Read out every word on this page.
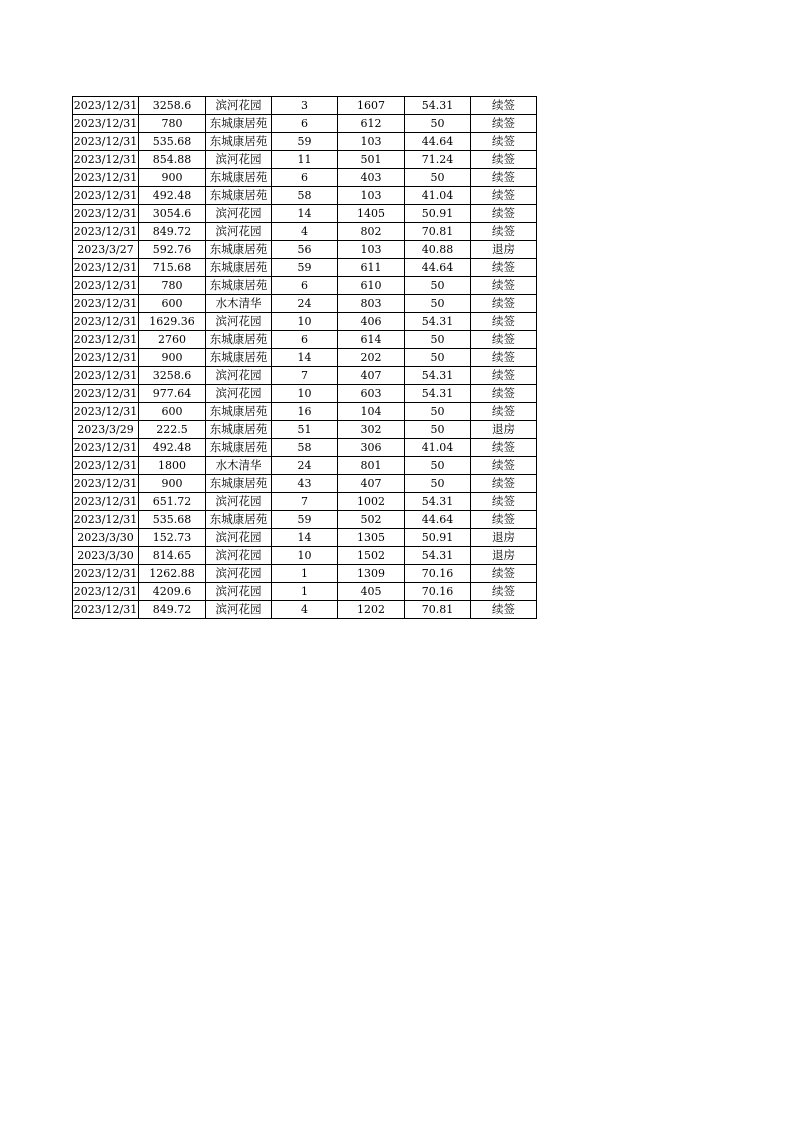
2023/12/31	3258.6	滨河花园	3	1607	54.31	续签
2023/12/31	780	东城康居苑	6	612	50	续签
2023/12/31	535.68	东城康居苑	59	103	44.64	续签
2023/12/31	854.88	滨河花园	11	501	71.24	续签
2023/12/31	900	东城康居苑	6	403	50	续签
2023/12/31	492.48	东城康居苑	58	103	41.04	续签
2023/12/31	3054.6	滨河花园	14	1405	50.91	续签
2023/12/31	849.72	滨河花园	4	802	70.81	续签
2023/3/27	592.76	东城康居苑	56	103	40.88	退房
2023/12/31	715.68	东城康居苑	59	611	44.64	续签
2023/12/31	780	东城康居苑	6	610	50	续签
2023/12/31	600	水木清华	24	803	50	续签
2023/12/31	1629.36	滨河花园	10	406	54.31	续签
2023/12/31	2760	东城康居苑	6	614	50	续签
2023/12/31	900	东城康居苑	14	202	50	续签
2023/12/31	3258.6	滨河花园	7	407	54.31	续签
2023/12/31	977.64	滨河花园	10	603	54.31	续签
2023/12/31	600	东城康居苑	16	104	50	续签
2023/3/29	222.5	东城康居苑	51	302	50	退房
2023/12/31	492.48	东城康居苑	58	306	41.04	续签
2023/12/31	1800	水木清华	24	801	50	续签
2023/12/31	900	东城康居苑	43	407	50	续签
2023/12/31	651.72	滨河花园	7	1002	54.31	续签
2023/12/31	535.68	东城康居苑	59	502	44.64	续签
2023/3/30	152.73	滨河花园	14	1305	50.91	退房
2023/3/30	814.65	滨河花园	10	1502	54.31	退房
2023/12/31	1262.88	滨河花园	1	1309	70.16	续签
2023/12/31	4209.6	滨河花园	1	405	70.16	续签
2023/12/31	849.72	滨河花园	4	1202	70.81	续签
